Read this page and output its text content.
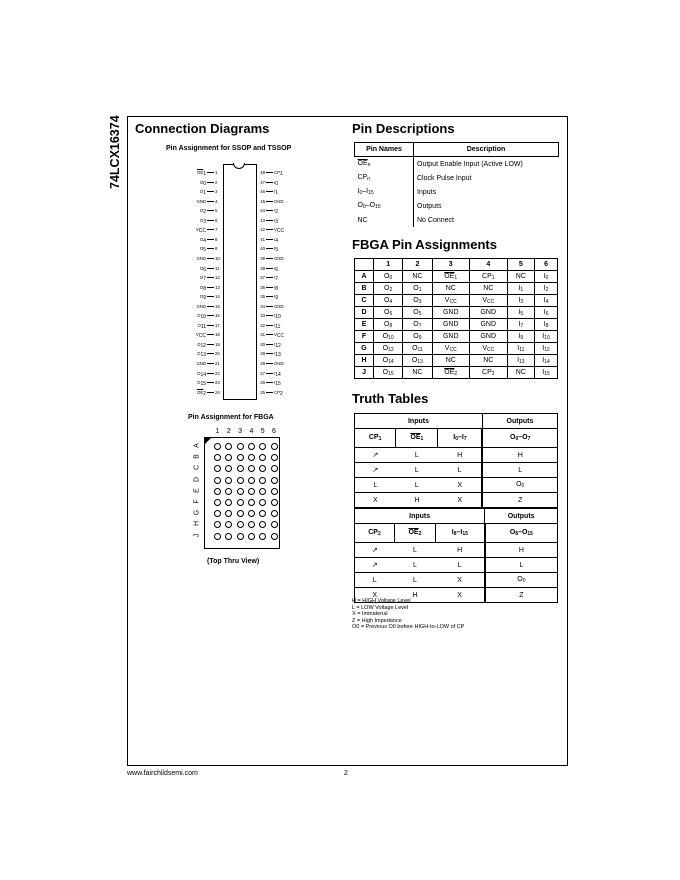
74LCX16374 Connection Diagrams
Pin Assignment for SSOP and TSSOP
$\overline{OE}1$ 1
O0 2
O1 3
GND 4
O2 5
O3 6
VCC 7
O4 8
O5 9
GND 10
O6 11
O7 12
O8 13
O9 14
GND 15
O10 16
O11 17
VCC 18
O12 19
O13 20
GND 21
O14 22
O15 23
$\overline{OE}2$ 24
48 CP1
47 I0
46 I1
45 GND
44 I2
43 I3
42 VCC
41 I4
40 I5
39 GND
38 I6
37 I7
36 I8
35 I9
34 GND
33 I10
32 I11
31 VCC
30 I12
29 I13
28 GND
27 I14
26 I15
25 CP2
Pin Assignment for FBGA
1	2	3	4	5	6
A
B
C
D
E
F
G
H
J
(Top Thru View)
Pin Descriptions
Pin Names	Description
$\overline{OE}_n$	Output Enable Input (Active LOW)
$CP_n$	Clock Pulse Input
$I_0-I_{15}$	Inputs
$O_0-O_{15}$	Outputs
NC	No Connect
FBGA Pin Assignments
	1	2	3	4	5	6
A	$O_0$	NC	$\overline{OE}_1$	$CP_1$	NC	$I_0$
B	$O_2$	$O_1$	NC	NC	$I_1$	$I_2$
C	$O_4$	$O_3$	$V_{CC}$	$V_{CC}$	$I_3$	$I_4$
D	$O_6$	$O_5$	GND	GND	$I_5$	$I_6$
E	$O_8$	$O_7$	GND	GND	$I_7$	$I_8$
F	$O_{10}$	$O_9$	GND	GND	$I_9$	$I_{10}$
G	$O_{12}$	$O_{11}$	$V_{CC}$	$V_{CC}$	$I_{11}$	$I_{12}$
H	$O_{14}$	$O_{13}$	NC	NC	$I_{13}$	$I_{14}$
J	$O_{15}$	NC	$\overline{OE}_2$	$CP_2$	NC	$I_{15}$
Truth Tables
Inputs			Outputs
$CP_1$	$\overline{OE}_1$	$I_0-I_7$	$O_0-O_7$
↗	L	H	H
↗	L	L	L
L	L	X	$O_0$
X	H	X	Z
Inputs			Outputs
$CP_2$	$\overline{OE}_2$	$I_8-I_{15}$	$O_8-O_{15}$
↗	L	H	H
↗	L	L	L
L	L	X	$O_0$
X	H	X	Z
H = HIGH Voltage Level
L = LOW Voltage Level
X = Immaterial
Z = High Impedance
O0 = Previous O0 before HIGH-to-LOW of CP
www.fairchildsemi.com	2
